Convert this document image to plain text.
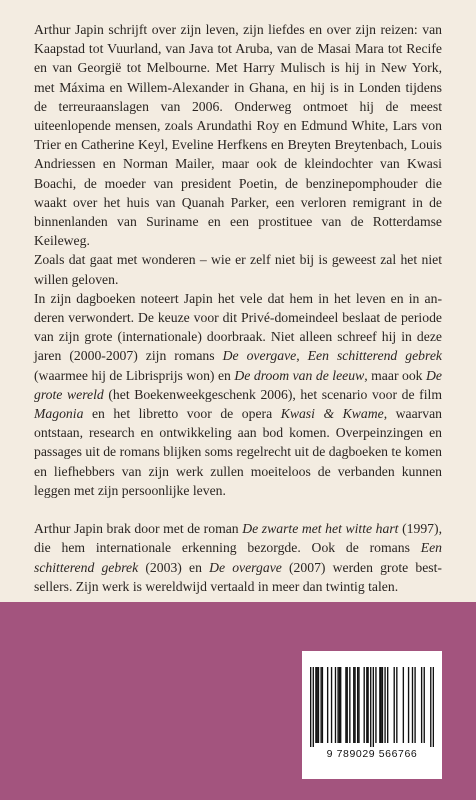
Arthur Japin schrijft over zijn leven, zijn liefdes en over zijn reizen: van Kaapstad tot Vuurland, van Java tot Aruba, van de Masai Mara tot Recife en van Georgië tot Melbourne. Met Harry Mulisch is hij in New York, met Máxima en Willem-Alexander in Ghana, en hij is in Londen tijdens de terreuraanslagen van 2006. Onderweg ontmoet hij de meest uiteenlopende mensen, zoals Arundathi Roy en Edmund White, Lars von Trier en Catherine Keyl, Eveline Herfkens en Breyten Breytenbach, Louis Andriessen en Norman Mailer, maar ook de kleindochter van Kwasi Boachi, de moeder van president Poetin, de benzinepomphouder die waakt over het huis van Quanah Parker, een verloren remigrant in de binnenlanden van Suriname en een prostituee van de Rotterdamse Keileweg.

Zoals dat gaat met wonderen – wie er zelf niet bij is geweest zal het niet willen geloven.

In zijn dagboeken noteert Japin het vele dat hem in het leven en in anderen verwondert. De keuze voor dit Privé-domeindeel beslaat de periode van zijn grote (internationale) doorbraak. Niet alleen schreef hij in deze jaren (2000-2007) zijn romans De overgave, Een schitterend gebrek (waarmee hij de Librisprijs won) en De droom van de leeuw, maar ook De grote wereld (het Boekenweekgeschenk 2006), het scenario voor de film Magonia en het libretto voor de opera Kwasi & Kwame, waarvan ontstaan, research en ontwikkeling aan bod komen. Overpeinzingen en passages uit de romans blijken soms regelrecht uit de dagboeken te komen en liefhebbers van zijn werk zullen moeiteloos de verbanden kunnen leggen met zijn persoonlijke leven.

Arthur Japin brak door met de roman De zwarte met het witte hart (1997), die hem internationale erkenning bezorgde. Ook de romans Een schitterend gebrek (2003) en De overgave (2007) werden grote bestsellers. Zijn werk is wereldwijd vertaald in meer dan twintig talen.

9 789029 566766
